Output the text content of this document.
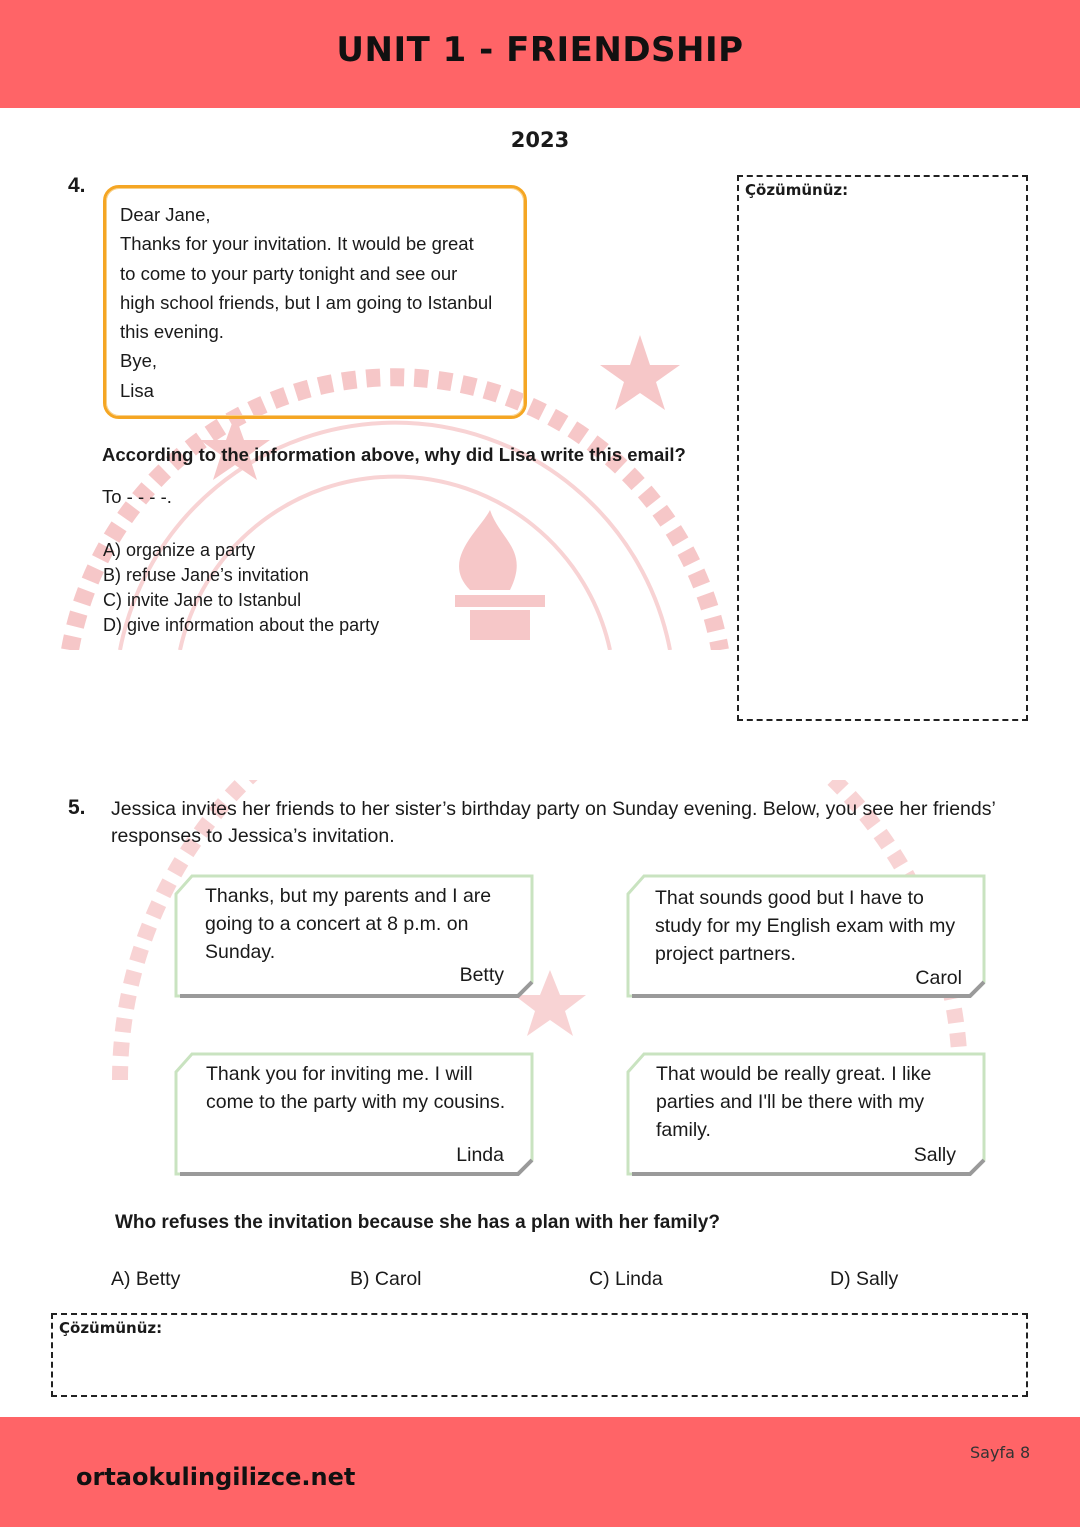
UNIT 1 - FRIENDSHIP
2023
4.
Dear Jane,
Thanks for your invitation. It would be great
to come to your party tonight and see our
high school friends, but I am going to Istanbul
this evening.
Bye,
Lisa
According to the information above, why did Lisa write this email?
To - - - -.
A) organize a party
B) refuse Jane’s invitation
C) invite Jane to Istanbul
D) give information about the party
Çözümünüz:
5. Jessica invites her friends to her sister’s birthday party on Sunday evening. Below, you see her friends’ responses to Jessica’s invitation.
Thanks, but my parents and I are going to a concert at 8 p.m. on Sunday.
Betty
That sounds good but I have to study for my English exam with my project partners.
Carol
Thank you for inviting me. I will come to the party with my cousins.
Linda
That would be really great. I like parties and I'll be there with my family.
Sally
Who refuses the invitation because she has a plan with her family?
A) Betty	B) Carol	C) Linda	D) Sally
Çözümünüz:
Sayfa 8
ortaokulingilizce.net
